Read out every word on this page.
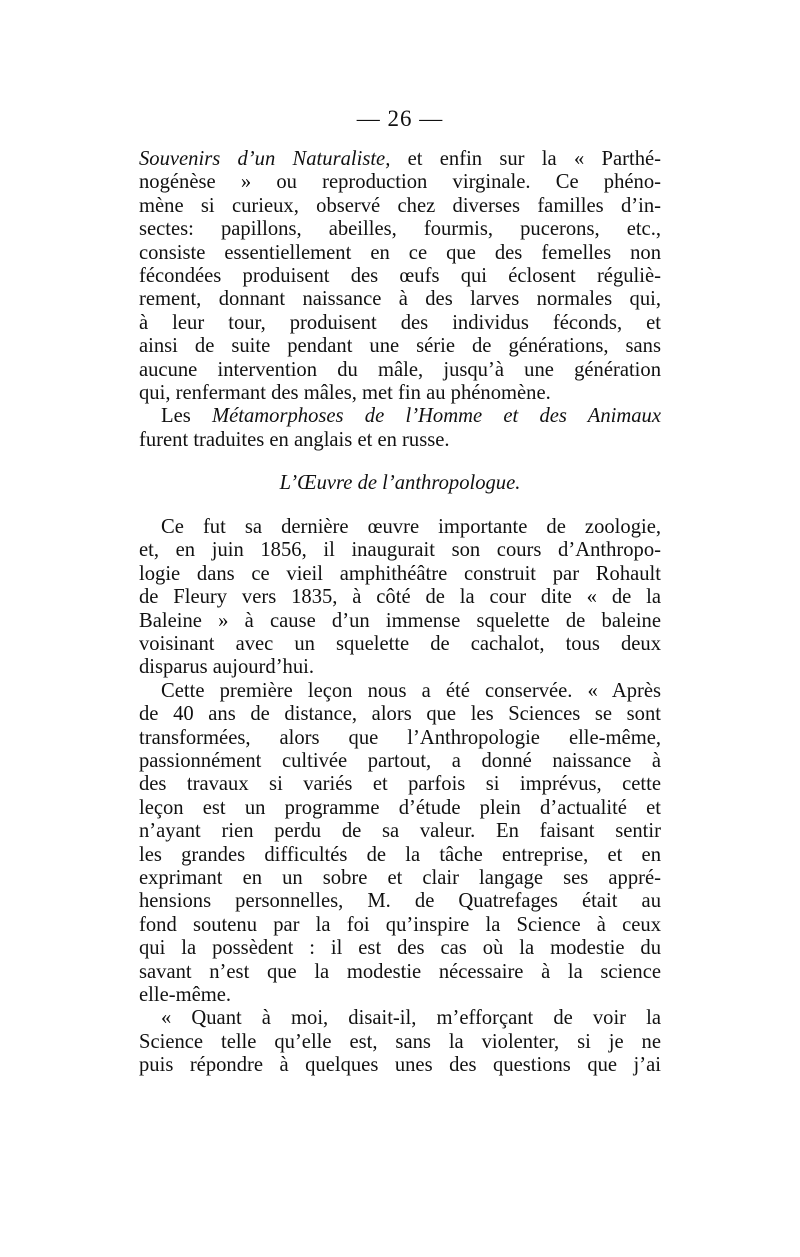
— 26 —
Souvenirs d’un Naturaliste, et enfin sur la « Parthé-
nogénèse » ou reproduction virginale. Ce phéno-
mène si curieux, observé chez diverses familles d’in-
sectes: papillons, abeilles, fourmis, pucerons, etc.,
consiste essentiellement en ce que des femelles non
fécondées produisent des œufs qui éclosent réguliè-
rement, donnant naissance à des larves normales qui,
à leur tour, produisent des individus féconds, et
ainsi de suite pendant une série de générations, sans
aucune intervention du mâle, jusqu’à une génération
qui, renfermant des mâles, met fin au phénomène.
Les Métamorphoses de l’Homme et des Animaux
furent traduites en anglais et en russe.
L’Œuvre de l’anthropologue.
Ce fut sa dernière œuvre importante de zoologie,
et, en juin 1856, il inaugurait son cours d’Anthropo-
logie dans ce vieil amphithéâtre construit par Rohault
de Fleury vers 1835, à côté de la cour dite « de la
Baleine » à cause d’un immense squelette de baleine
voisinant avec un squelette de cachalot, tous deux
disparus aujourd’hui.
Cette première leçon nous a été conservée. « Après
de 40 ans de distance, alors que les Sciences se sont
transformées, alors que l’Anthropologie elle-même,
passionnément cultivée partout, a donné naissance à
des travaux si variés et parfois si imprévus, cette
leçon est un programme d’étude plein d’actualité et
n’ayant rien perdu de sa valeur. En faisant sentir
les grandes difficultés de la tâche entreprise, et en
exprimant en un sobre et clair langage ses appré-
hensions personnelles, M. de Quatrefages était au
fond soutenu par la foi qu’inspire la Science à ceux
qui la possèdent : il est des cas où la modestie du
savant n’est que la modestie nécessaire à la science
elle-même.
« Quant à moi, disait-il, m’efforçant de voir la
Science telle qu’elle est, sans la violenter, si je ne
puis répondre à quelques unes des questions que j’ai
